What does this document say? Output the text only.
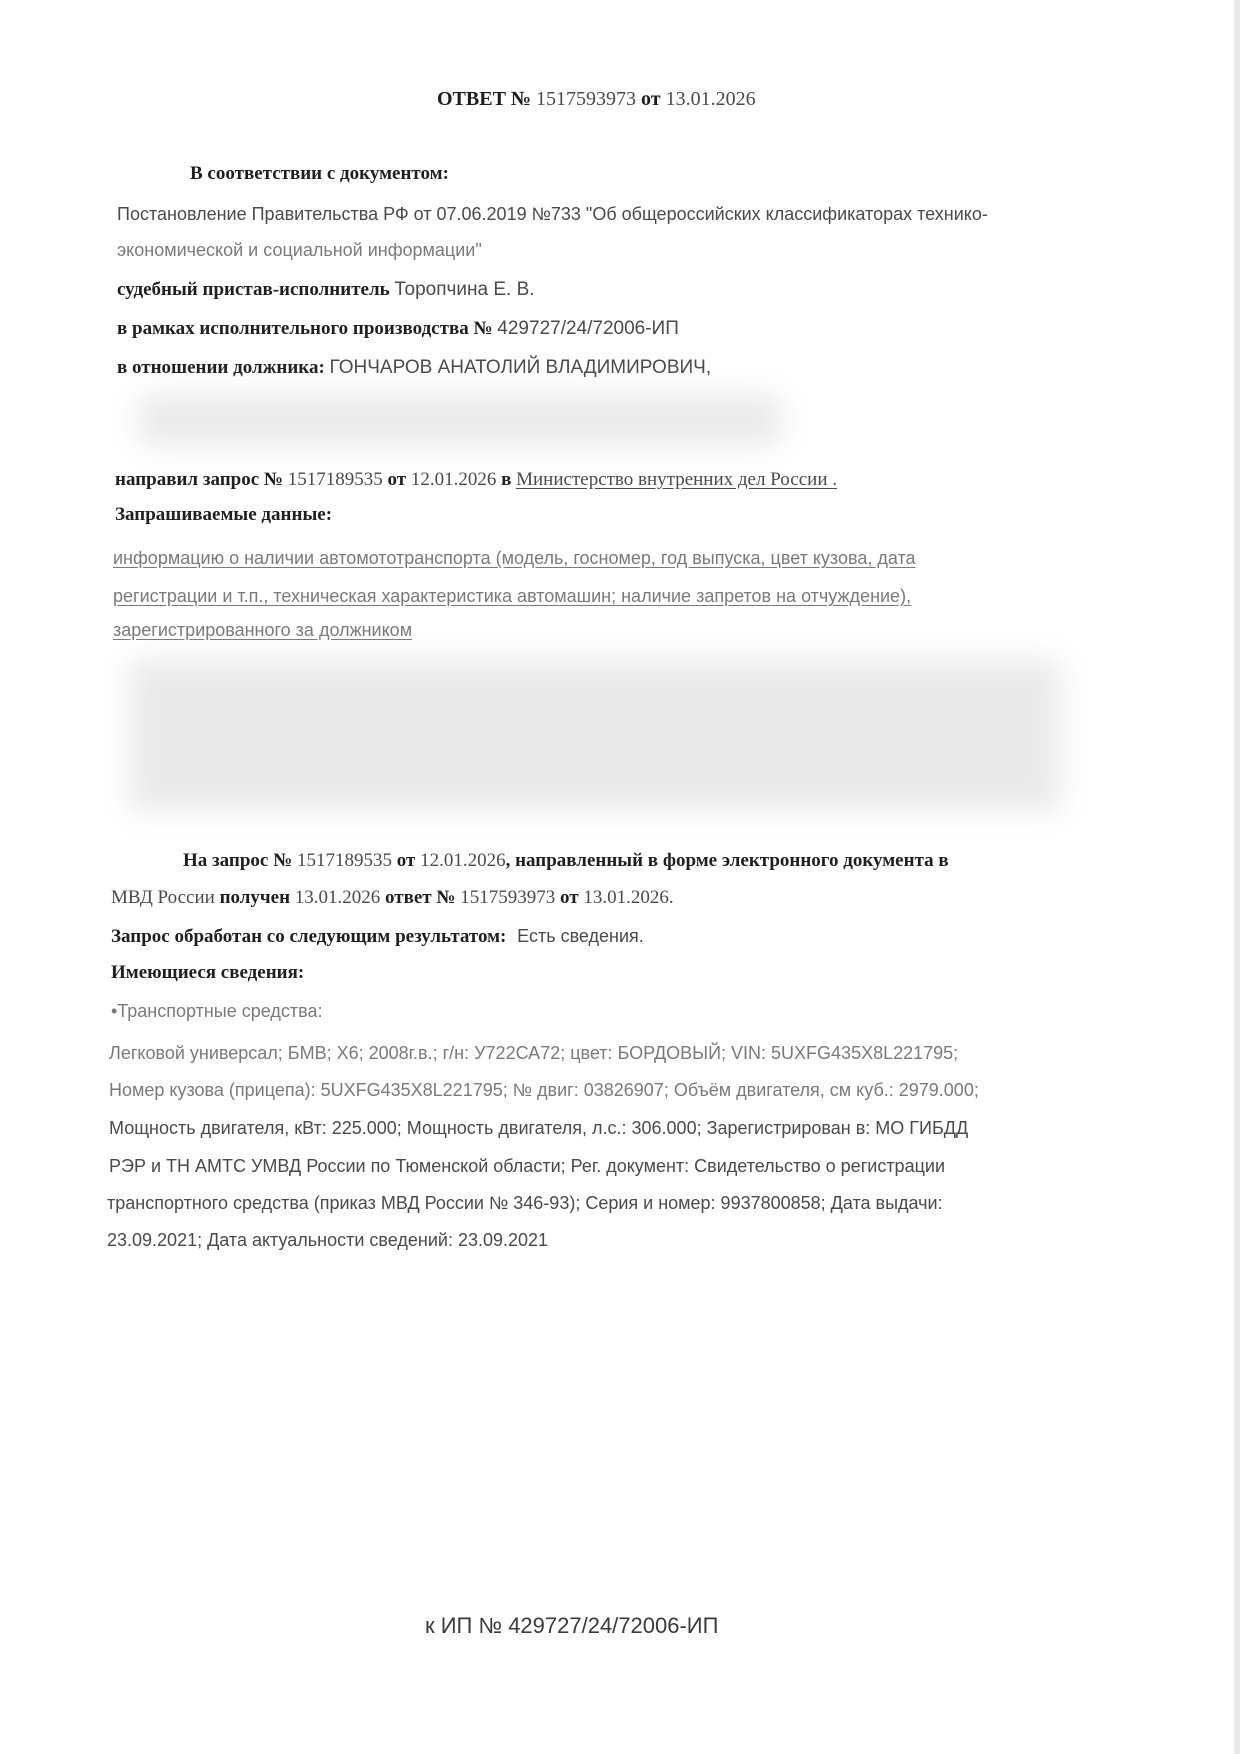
ОТВЕТ № 1517593973 от 13.01.2026
В соответствии с документом:
Постановление Правительства РФ от 07.06.2019 №733 "Об общероссийских классификаторах технико-
экономической и социальной информации"
судебный пристав-исполнитель Торопчина Е. В.
в рамках исполнительного производства № 429727/24/72006-ИП
в отношении должника: ГОНЧАРОВ АНАТОЛИЙ ВЛАДИМИРОВИЧ,
направил запрос № 1517189535 от 12.01.2026 в Министерство внутренних дел России .
Запрашиваемые данные:
информацию о наличии автомототранспорта (модель, госномер, год выпуска, цвет кузова, дата
регистрации и т.п., техническая характеристика автомашин; наличие запретов на отчуждение),
зарегистрированного за должником
На запрос № 1517189535 от 12.01.2026, направленный в форме электронного документа в
МВД России получен 13.01.2026 ответ № 1517593973 от 13.01.2026.
Запрос обработан со следующим результатом: Есть сведения.
Имеющиеся сведения:
•Транспортные средства:
Легковой универсал; БМВ; X6; 2008г.в.; г/н: У722СА72; цвет: БОРДОВЫЙ; VIN: 5UXFG435X8L221795;
Номер кузова (прицепа): 5UXFG435X8L221795; № двиг: 03826907; Объём двигателя, см куб.: 2979.000;
Мощность двигателя, кВт: 225.000; Мощность двигателя, л.с.: 306.000; Зарегистрирован в: МО ГИБДД
РЭР и ТН АМТС УМВД России по Тюменской области; Рег. документ: Свидетельство о регистрации
транспортного средства (приказ МВД России № 346-93); Серия и номер: 9937800858; Дата выдачи:
23.09.2021; Дата актуальности сведений: 23.09.2021
к ИП № 429727/24/72006-ИП
